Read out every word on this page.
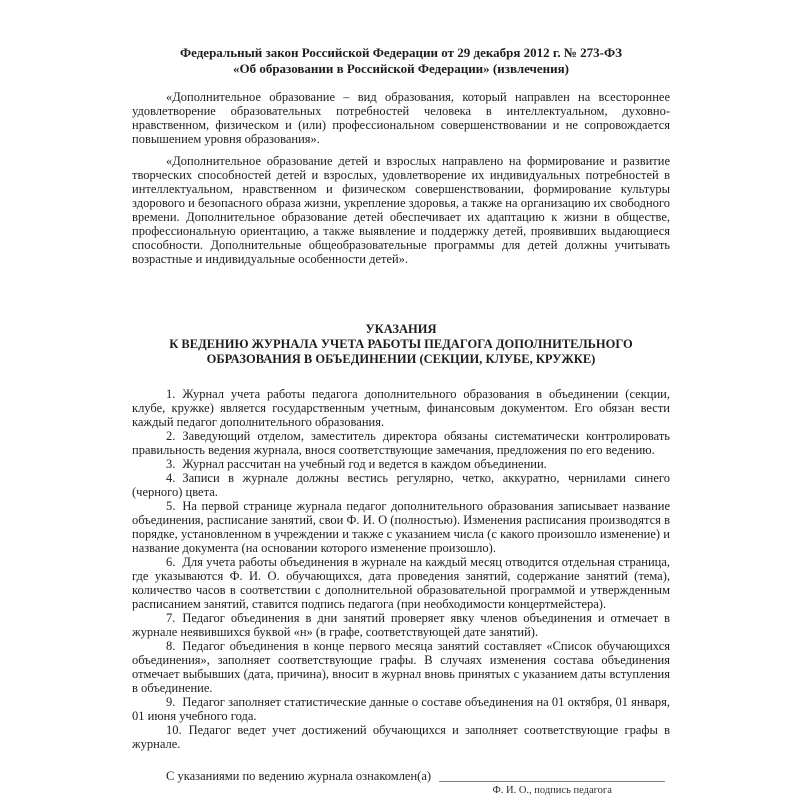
Федеральный закон Российской Федерации от 29 декабря 2012 г. № 273-ФЗ
«Об образовании в Российской Федерации» (извлечения)

«Дополнительное образование – вид образования, который направлен на всестороннее удовлетворение образовательных потребностей человека в интеллектуальном, духовно-нравственном, физическом и (или) профессиональном совершенствовании и не сопровождается повышением уровня образования».

«Дополнительное образование детей и взрослых направлено на формирование и развитие творческих способностей детей и взрослых, удовлетворение их индивидуальных потребностей в интеллектуальном, нравственном и физическом совершенствовании, формирование культуры здорового и безопасного образа жизни, укрепление здоровья, а также на организацию их свободного времени. Дополнительное образование детей обеспечивает их адаптацию к жизни в обществе, профессиональную ориентацию, а также выявление и поддержку детей, проявивших выдающиеся способности. Дополнительные общеобразовательные программы для детей должны учитывать возрастные и индивидуальные особенности детей».

УКАЗАНИЯ
К ВЕДЕНИЮ ЖУРНАЛА УЧЕТА РАБОТЫ ПЕДАГОГА ДОПОЛНИТЕЛЬНОГО
ОБРАЗОВАНИЯ В ОБЪЕДИНЕНИИ (СЕКЦИИ, КЛУБЕ, КРУЖКЕ)

1. Журнал учета работы педагога дополнительного образования в объединении (секции, клубе, кружке) является государственным учетным, финансовым документом. Его обязан вести каждый педагог дополнительного образования.

2. Заведующий отделом, заместитель директора обязаны систематически контролировать правильность ведения журнала, внося соответствующие замечания, предложения по его ведению.

3. Журнал рассчитан на учебный год и ведется в каждом объединении.

4. Записи в журнале должны вестись регулярно, четко, аккуратно, чернилами синего (черного) цвета.

5. На первой странице журнала педагог дополнительного образования записывает название объединения, расписание занятий, свои Ф. И. О (полностью). Изменения расписания производятся в порядке, установленном в учреждении и также с указанием числа (с какого произошло изменение) и название документа (на основании которого изменение произошло).

6. Для учета работы объединения в журнале на каждый месяц отводится отдельная страница, где указываются Ф. И. О. обучающихся, дата проведения занятий, содержание занятий (тема), количество часов в соответствии с дополнительной образовательной программой и утвержденным расписанием занятий, ставится подпись педагога (при необходимости концертмейстера).

7. Педагог объединения в дни занятий проверяет явку членов объединения и отмечает в журнале неявившихся буквой «н» (в графе, соответствующей дате занятий).

8. Педагог объединения в конце первого месяца занятий составляет «Список обучающихся объединения», заполняет соответствующие графы. В случаях изменения состава объединения отмечает выбывших (дата, причина), вносит в журнал вновь принятых с указанием даты вступления в объединение.

9. Педагог заполняет статистические данные о составе объединения на 01 октября, 01 января, 01 июня учебного года.

10. Педагог ведет учет достижений обучающихся и заполняет соответствующие графы в журнале.

С указаниями по ведению журнала ознакомлен(а)
Ф. И. О., подпись педагога
